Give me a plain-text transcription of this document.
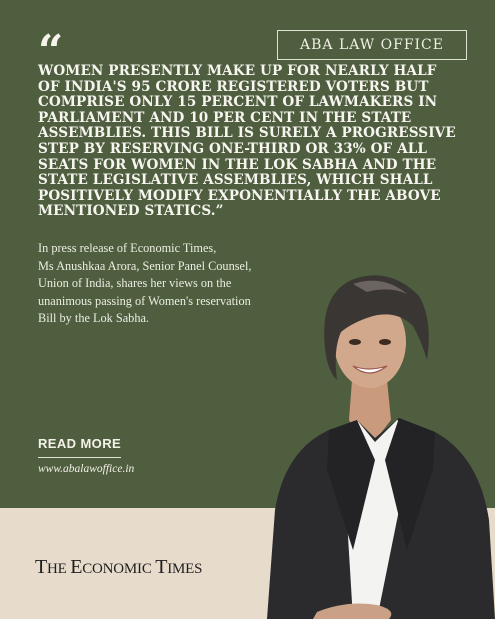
ABA LAW OFFICE
“
WOMEN PRESENTLY MAKE UP FOR NEARLY HALF
OF INDIA'S 95 CRORE REGISTERED VOTERS BUT
COMPRISE ONLY 15 PERCENT OF LAWMAKERS IN
PARLIAMENT AND 10 PER CENT IN THE STATE
ASSEMBLIES. THIS BILL IS SURELY A PROGRESSIVE
STEP BY RESERVING ONE-THIRD OR 33% OF ALL
SEATS FOR WOMEN IN THE LOK SABHA AND THE
STATE LEGISLATIVE ASSEMBLIES, WHICH SHALL
POSITIVELY MODIFY EXPONENTIALLY THE ABOVE
MENTIONED STATICS.”
In press release of Economic Times,
Ms Anushkaa Arora, Senior Panel Counsel,
Union of India, shares her views on the
unanimous passing of Women's reservation
Bill by the Lok Sabha.
READ MORE
www.abalawoffice.in
THE ECONOMIC TIMES
